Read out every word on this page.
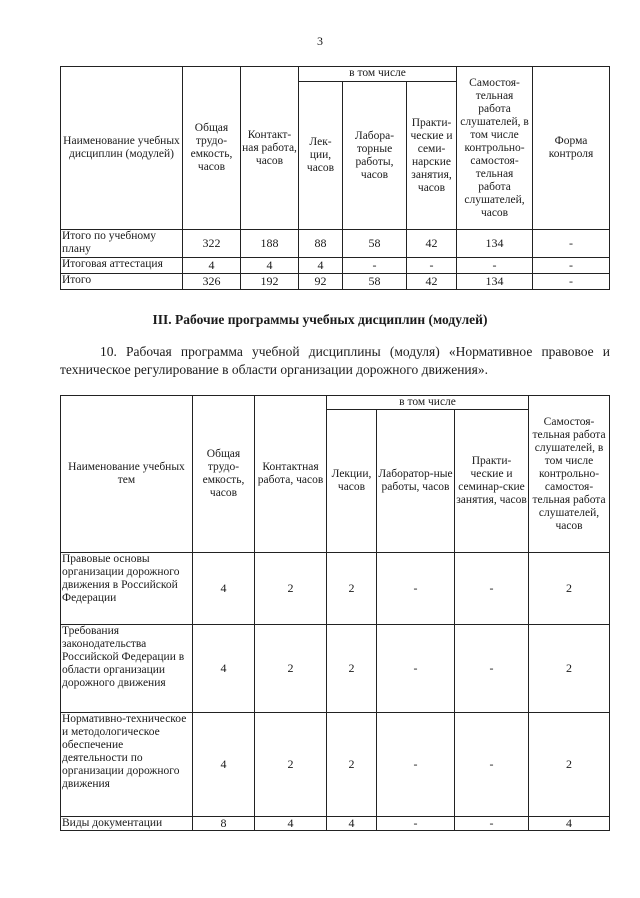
3
Наименование учебных дисциплин (модулей)	Общая трудо-емкость, часов	Контакт-ная работа, часов	в том числе			Самостоя-тельная работа слушателей, в том числе контрольно-самостоя-тельная работа слушателей, часов	Форма контроля
			Лек-ции, часов	Лабора-торные работы, часов	Практи-ческие и семи-нарские занятия, часов		
Итого по учебному плану	322	188	88	58	42	134	-
Итоговая аттестация	4	4	4	-	-	-	-
Итого	326	192	92	58	42	134	-
III. Рабочие программы учебных дисциплин (модулей)
10. Рабочая программа учебной дисциплины (модуля) «Нормативное правовое и техническое регулирование в области организации дорожного движения».
Наименование учебных тем	Общая трудо-емкость, часов	Контактная работа, часов	в том числе			Самостоя-тельная работа слушателей, в том числе контрольно-самостоя-тельная работа слушателей, часов
			Лекции, часов	Лаборатор-ные работы, часов	Практи-ческие и семинар-ские занятия, часов	
Правовые основы организации дорожного движения в Российской Федерации	4	2	2	-	-	2
Требования законодательства Российской Федерации в области организации дорожного движения	4	2	2	-	-	2
Нормативно-техническое и методологическое обеспечение деятельности по организации дорожного движения	4	2	2	-	-	2
Виды документации	8	4	4	-	-	4
